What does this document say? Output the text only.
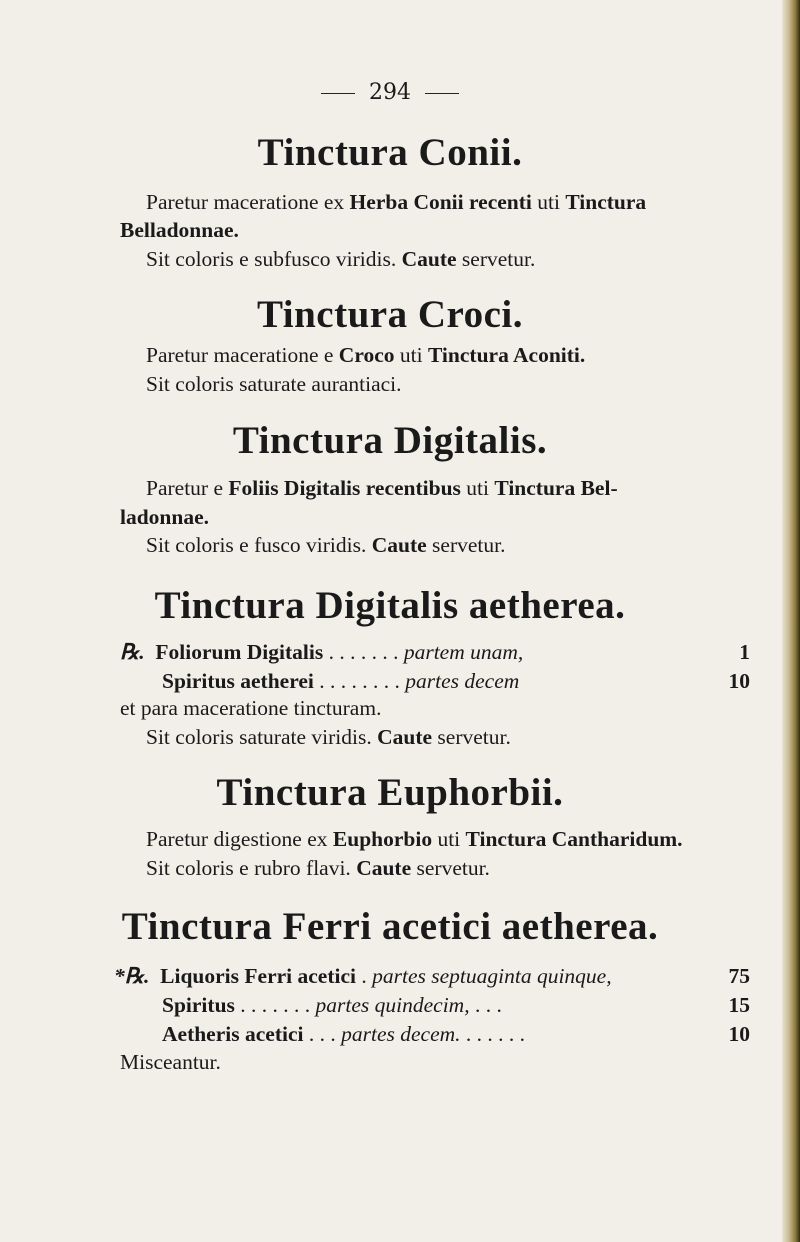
294
Tinctura Conii.
Paretur maceratione ex Herba Conii recenti uti Tinctura
Belladonnae.
Sit coloris e subfusco viridis. Caute servetur.
Tinctura Croci.
Paretur maceratione e Croco uti Tinctura Aconiti.
Sit coloris saturate aurantiaci.
Tinctura Digitalis.
Paretur e Foliis Digitalis recentibus uti Tinctura Bel-
ladonnae.
Sit coloris e fusco viridis. Caute servetur.
Tinctura Digitalis aetherea.
℞. Foliorum Digitalis . . . . . . . partem unam,	1
Spiritus aetherei . . . . . . . . partes decem	10
et para maceratione tincturam.
Sit coloris saturate viridis. Caute servetur.
Tinctura Euphorbii.
Paretur digestione ex Euphorbio uti Tinctura Cantharidum.
Sit coloris e rubro flavi. Caute servetur.
Tinctura Ferri acetici aetherea.
*℞. Liquoris Ferri acetici . partes septuaginta quinque,	75
Spiritus . . . . . . . partes quindecim, . . .	15
Aetheris acetici . . . partes decem. . . . . . .	10
Misceantur.
